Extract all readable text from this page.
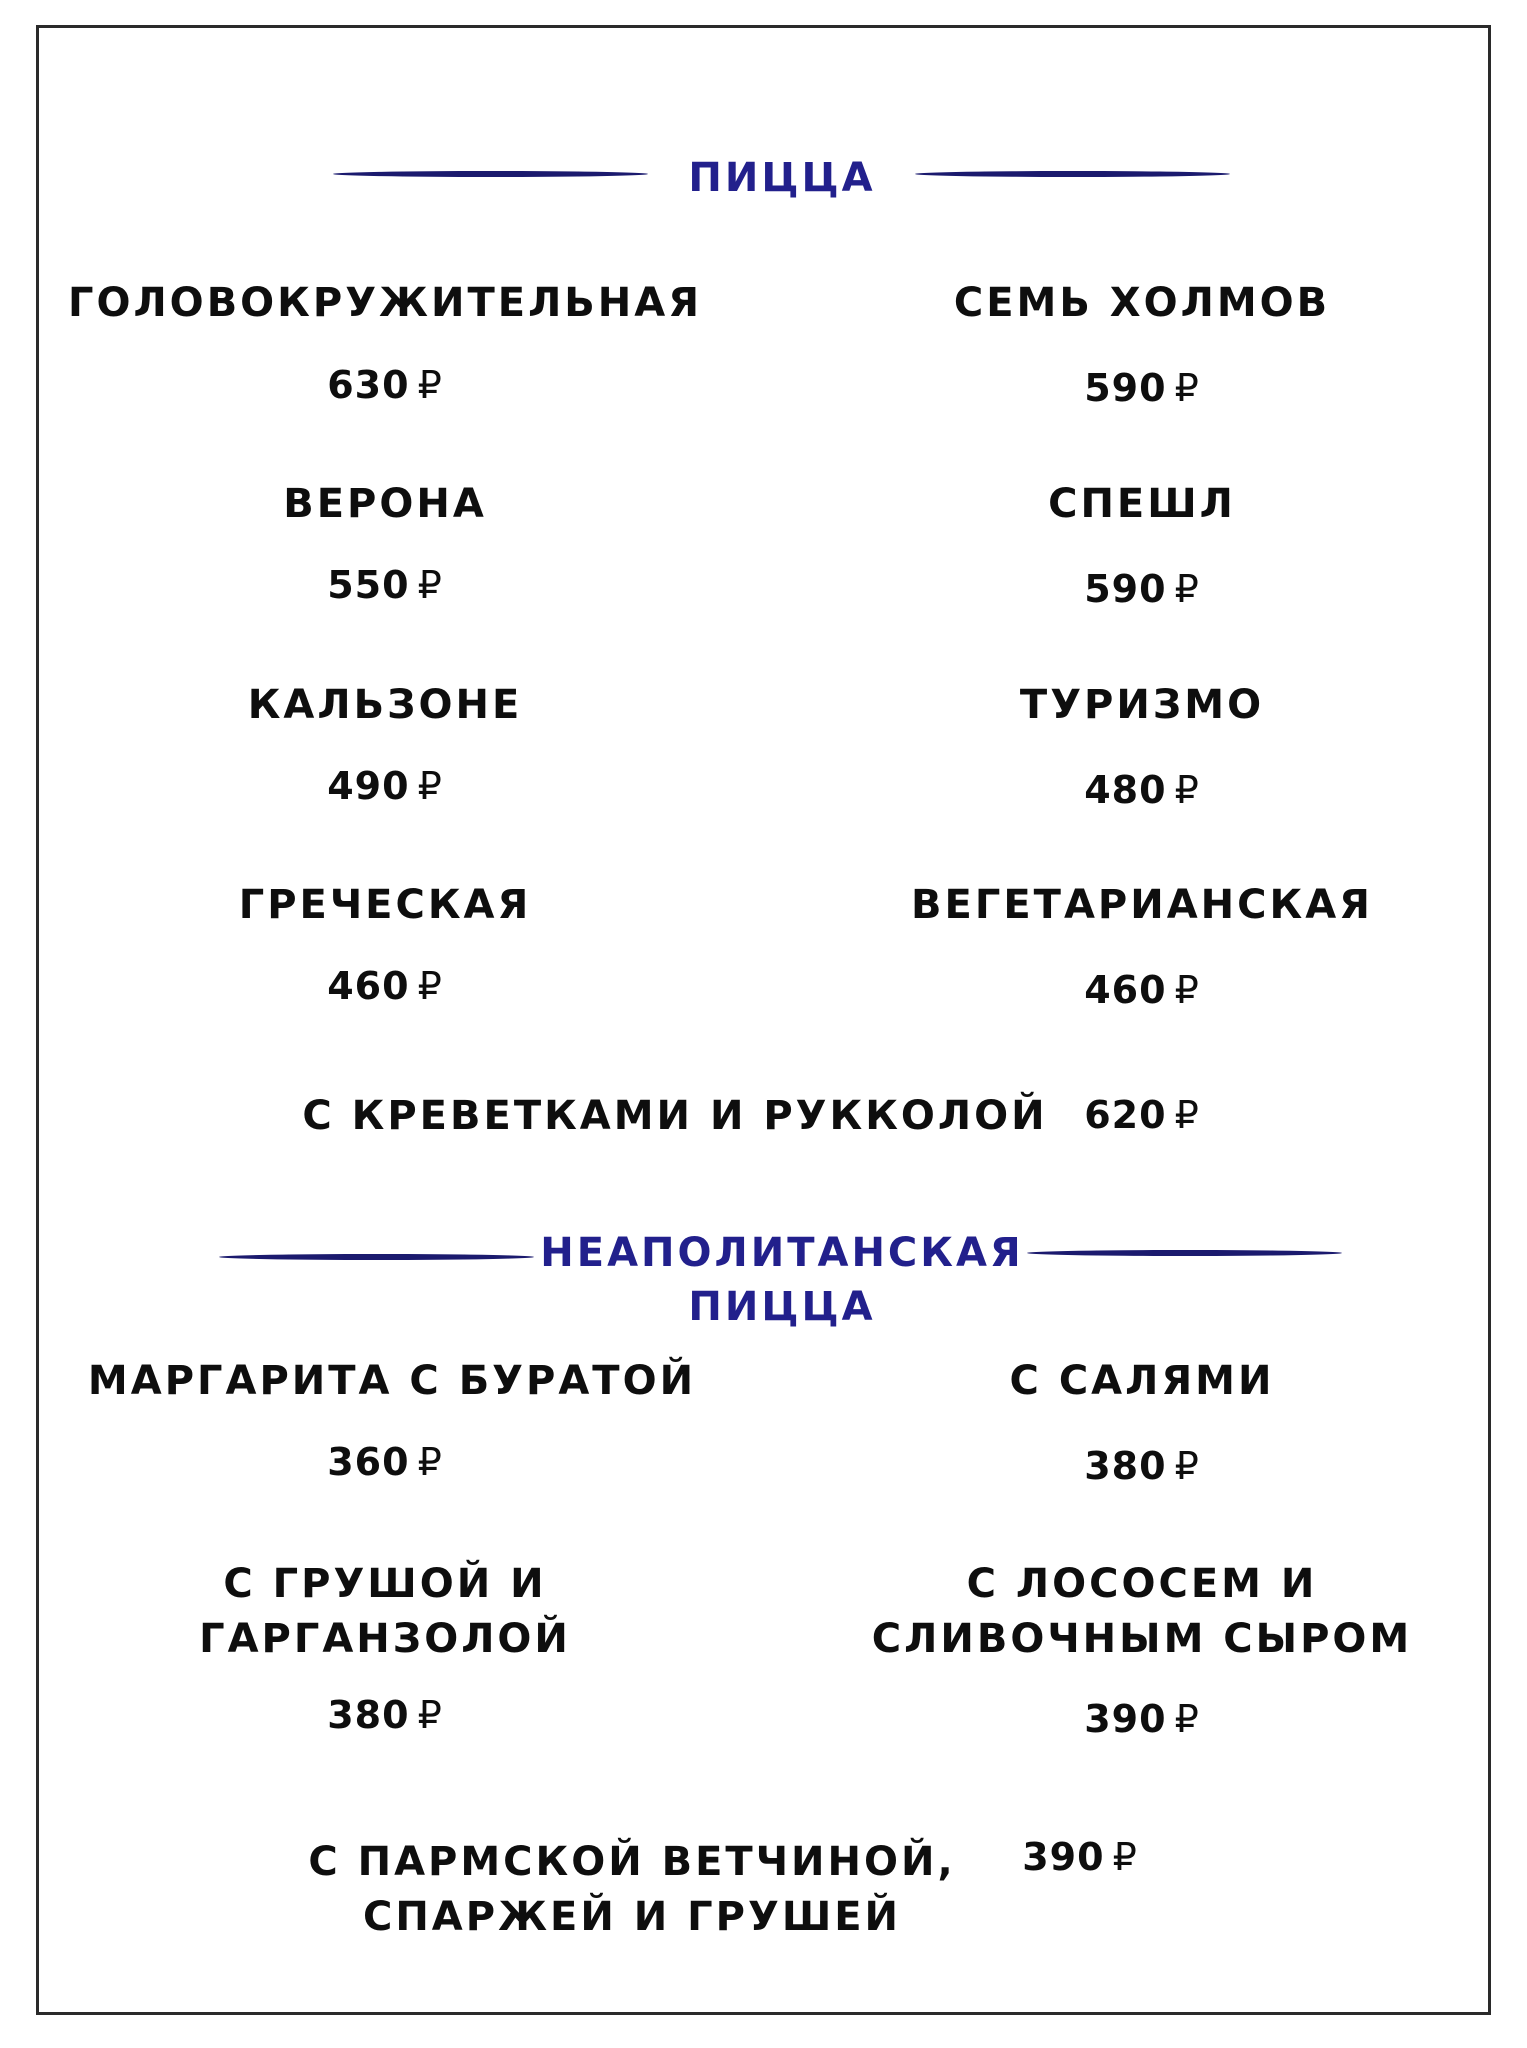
ПИЦЦА
ГОЛОВОКРУЖИТЕЛЬНАЯ
630 ₽
СЕМЬ ХОЛМОВ
590 ₽
ВЕРОНА
550 ₽
СПЕШЛ
590 ₽
КАЛЬЗОНЕ
490 ₽
ТУРИЗМО
480 ₽
ГРЕЧЕСКАЯ
460 ₽
ВЕГЕТАРИАНСКАЯ
460 ₽
С КРЕВЕТКАМИ И РУККОЛОЙ 620 ₽
НЕАПОЛИТАНСКАЯ
ПИЦЦА
МАРГАРИТА С БУРАТОЙ
360 ₽
С САЛЯМИ
380 ₽
С ГРУШОЙ И
ГАРГАНЗОЛОЙ
380 ₽
С ЛОСОСЕМ И
СЛИВОЧНЫМ СЫРОМ
390 ₽
С ПАРМСКОЙ ВЕТЧИНОЙ,
СПАРЖЕЙ И ГРУШЕЙ
390 ₽
